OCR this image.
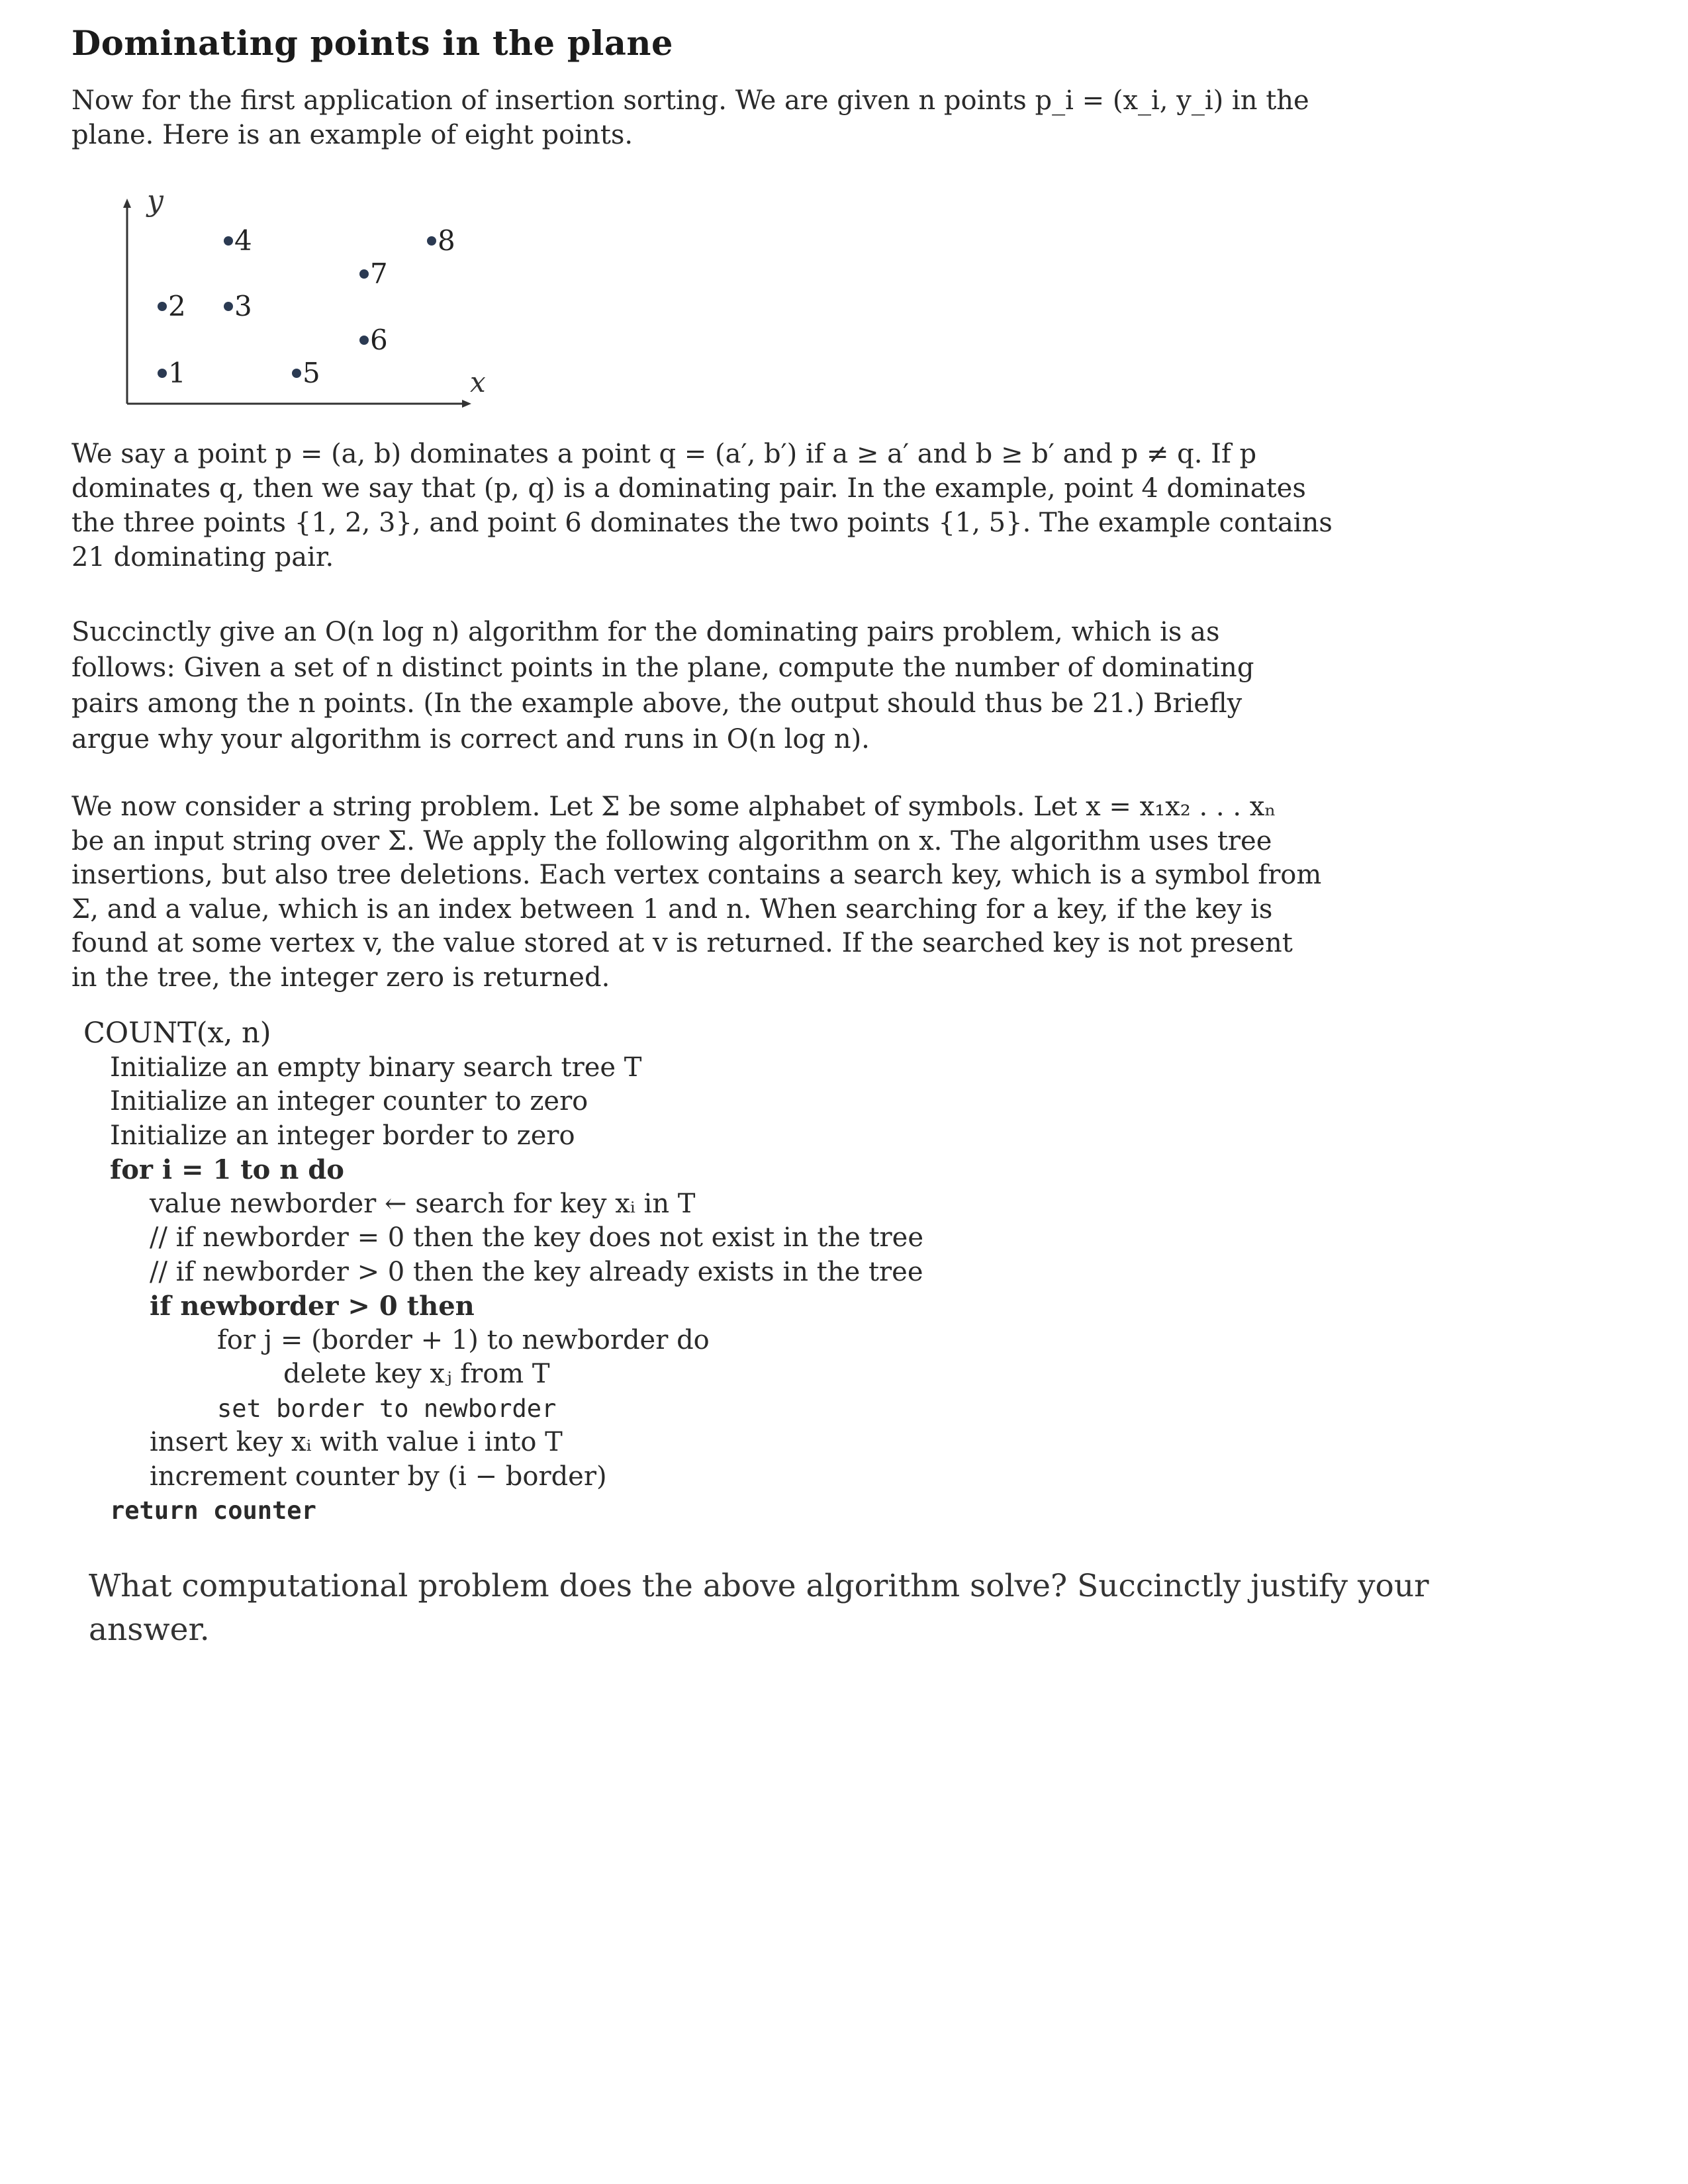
Dominating points in the plane

Now for the first application of insertion sorting. We are given n points p_i = (x_i, y_i) in the
plane. Here is an example of eight points.

y
x
1
2 3
4
5
6
7
8

We say a point p = (a, b) dominates a point q = (a′, b′) if a ≥ a′ and b ≥ b′ and p ≠ q. If p
dominates q, then we say that (p, q) is a dominating pair. In the example, point 4 dominates
the three points {1, 2, 3}, and point 6 dominates the two points {1, 5}. The example contains
21 dominating pair.

Succinctly give an O(n log n) algorithm for the dominating pairs problem, which is as
follows: Given a set of n distinct points in the plane, compute the number of dominating
pairs among the n points. (In the example above, the output should thus be 21.) Briefly
argue why your algorithm is correct and runs in O(n log n).

We now consider a string problem. Let Σ be some alphabet of symbols. Let x = x₁x₂ . . . xₙ
be an input string over Σ. We apply the following algorithm on x. The algorithm uses tree
insertions, but also tree deletions. Each vertex contains a search key, which is a symbol from
Σ, and a value, which is an index between 1 and n. When searching for a key, if the key is
found at some vertex v, the value stored at v is returned. If the searched key is not present
in the tree, the integer zero is returned.

COUNT(x, n)
Initialize an empty binary search tree T
Initialize an integer counter to zero
Initialize an integer border to zero
for i = 1 to n do
value newborder ← search for key xᵢ in T
// if newborder = 0 then the key does not exist in the tree
// if newborder > 0 then the key already exists in the tree
if newborder > 0 then
for j = (border + 1) to newborder do
delete key xⱼ from T
set border to newborder
insert key xᵢ with value i into T
increment counter by (i − border)
return counter
What computational problem does the above algorithm solve? Succinctly justify your
answer.
